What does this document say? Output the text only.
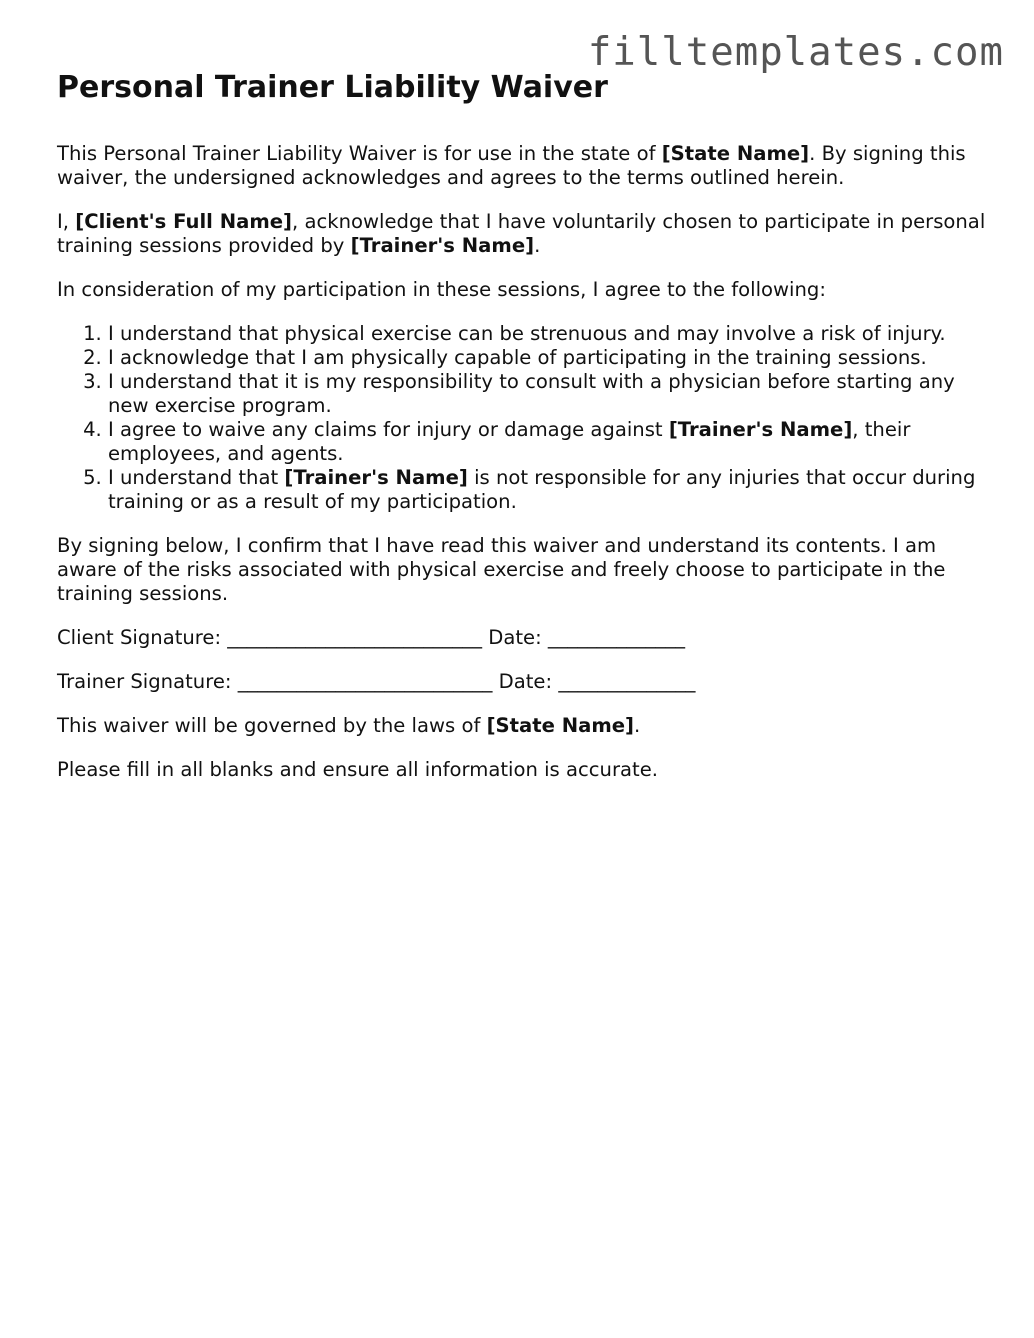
filltemplates.com
Personal Trainer Liability Waiver

This Personal Trainer Liability Waiver is for use in the state of [State Name]. By signing this waiver, the undersigned acknowledges and agrees to the terms outlined herein.

I, [Client's Full Name], acknowledge that I have voluntarily chosen to participate in personal training sessions provided by [Trainer's Name].

In consideration of my participation in these sessions, I agree to the following:

1. I understand that physical exercise can be strenuous and may involve a risk of injury.
2. I acknowledge that I am physically capable of participating in the training sessions.
3. I understand that it is my responsibility to consult with a physician before starting any new exercise program.
4. I agree to waive any claims for injury or damage against [Trainer's Name], their employees, and agents.
5. I understand that [Trainer's Name] is not responsible for any injuries that occur during training or as a result of my participation.

By signing below, I confirm that I have read this waiver and understand its contents. I am aware of the risks associated with physical exercise and freely choose to participate in the training sessions.

Client Signature: __________________________ Date: ______________

Trainer Signature: __________________________ Date: ______________

This waiver will be governed by the laws of [State Name].

Please fill in all blanks and ensure all information is accurate.
